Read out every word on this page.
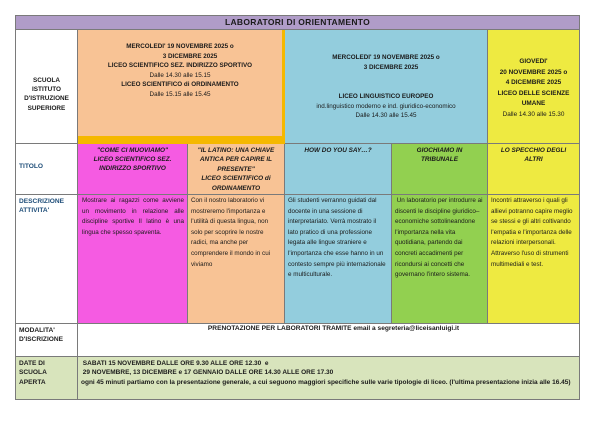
LABORATORI DI ORIENTAMENTO
SCUOLA
ISTITUTO
D'ISTRUZIONE
SUPERIORE
MERCOLEDI' 19 NOVEMBRE 2025 o
3 DICEMBRE 2025
LICEO SCIENTIFICO SEZ. INDIRIZZO SPORTIVO
Dalle 14.30 alle 15.15
LICEO SCIENTIFICO di ORDINAMENTO
Dalle 15.15 alle 15.45
MERCOLEDI' 19 NOVEMBRE 2025 o
3 DICEMBRE 2025
LICEO LINGUISTICO EUROPEO
ind.linguistico moderno e ind. giuridico-economico
Dalle 14.30 alle 15.45
GIOVEDI'
20 NOVEMBRE 2025 o
4 DICEMBRE 2025
LICEO DELLE SCIENZE
UMANE
Dalle 14.30 alle 15.30
TITOLO
"COME CI MUOVIAMO"
LICEO SCIENTIFICO SEZ.
INDIRIZZO SPORTIVO
"IL LATINO: UNA CHIAVE
ANTICA PER CAPIRE IL
PRESENTE"
LICEO SCIENTIFICO di
ORDINAMENTO
HOW DO YOU SAY…?	GIOCHIAMO IN
TRIBUNALE
LO SPECCHIO DEGLI
ALTRI
DESCRIZIONE
ATTIVITA'

Mostrare ai ragazzi come avviene un movimento in relazione alle discipline sportive Il latino è una lingua che spesso spaventa.

Con il nostro laboratorio vi mostreremo l'importanza e l'utilità di questa lingua, non solo per scoprire le nostre radici, ma anche per comprendere il mondo in cui viviamo

Gli studenti verranno guidati dal docente in una sessione di interpretariato. Verrà mostrato il lato pratico di una professione legata alle lingue straniere e l'importanza che esse hanno in un contesto sempre più internazionale e multiculturale.

Un laboratorio per introdurre ai discenti le discipline giuridico–economiche sottolineandone l'importanza nella vita quotidiana, partendo dai concreti accadimenti per ricondursi ai concetti che governano l'intero sistema.

Incontri attraverso i quali gli allievi potranno capire meglio se stessi e gli altri coltivando l'empatia e l'importanza delle relazioni interpersonali. Attraverso l'uso di strumenti multimediali e test.

MODALITA'
D'ISCRIZIONE
PRENOTAZIONE PER LABORATORI TRAMITE email a segreteria@liceisanluigi.it
DATE DI
SCUOLA
APERTA
SABATI 15 NOVEMBRE DALLE ORE 9.30 ALLE ORE 12.30  e
29 NOVEMBRE, 13 DICEMBRE e 17 GENNAIO DALLE ORE 14.30 ALLE ORE 17.30
ogni 45 minuti partiamo con la presentazione generale, a cui seguono maggiori specifiche sulle varie tipologie di liceo. (l'ultima presentazione inizia alle 16.45)
